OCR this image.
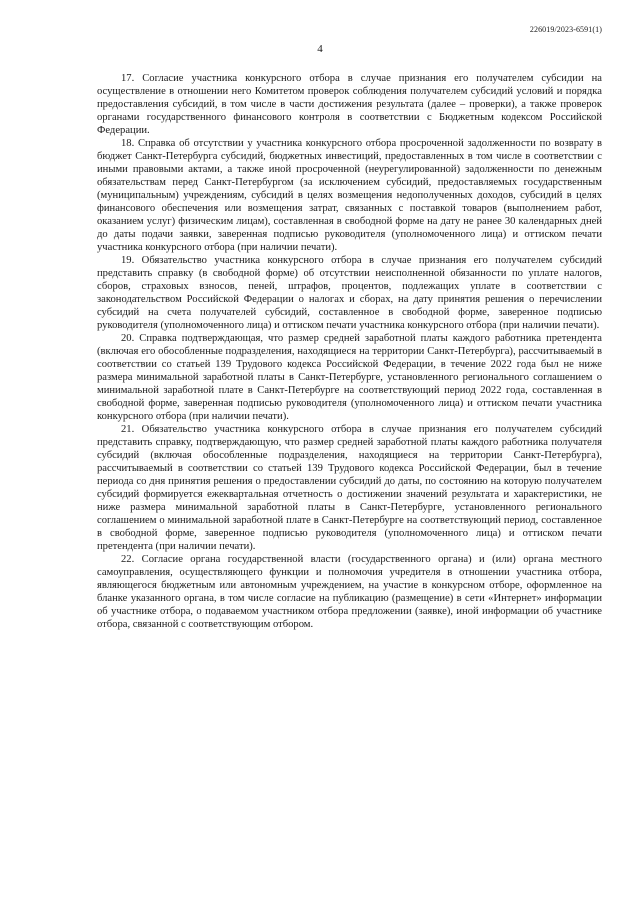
226019/2023-6591(1)
4

17. Согласие участника конкурсного отбора в случае признания его получателем субсидии на осуществление в отношении него Комитетом проверок соблюдения получателем субсидий условий и порядка предоставления субсидий, в том числе в части достижения результата (далее – проверки), а также проверок органами государственного финансового контроля в соответствии с Бюджетным кодексом Российской Федерации.

18. Справка об отсутствии у участника конкурсного отбора просроченной задолженности по возврату в бюджет Санкт-Петербурга субсидий, бюджетных инвестиций, предоставленных в том числе в соответствии с иными правовыми актами, а также иной просроченной (неурегулированной) задолженности по денежным обязательствам перед Санкт-Петербургом (за исключением субсидий, предоставляемых государственным (муниципальным) учреждениям, субсидий в целях возмещения недополученных доходов, субсидий в целях финансового обеспечения или возмещения затрат, связанных с поставкой товаров (выполнением работ, оказанием услуг) физическим лицам), составленная в свободной форме на дату не ранее 30 календарных дней до даты подачи заявки, заверенная подписью руководителя (уполномоченного лица) и оттиском печати участника конкурсного отбора (при наличии печати).

19. Обязательство участника конкурсного отбора в случае признания его получателем субсидий представить справку (в свободной форме) об отсутствии неисполненной обязанности по уплате налогов, сборов, страховых взносов, пеней, штрафов, процентов, подлежащих уплате в соответствии с законодательством Российской Федерации о налогах и сборах, на дату принятия решения о перечислении субсидий на счета получателей субсидий, составленное в свободной форме, заверенное подписью руководителя (уполномоченного лица) и оттиском печати участника конкурсного отбора (при наличии печати).

20. Справка подтверждающая, что размер средней заработной платы каждого работника претендента (включая его обособленные подразделения, находящиеся на территории Санкт-Петербурга), рассчитываемый в соответствии со статьей 139 Трудового кодекса Российской Федерации, в течение 2022 года был не ниже размера минимальной заработной платы в Санкт-Петербурге, установленного регионального соглашением о минимальной заработной плате в Санкт-Петербурге на соответствующий период 2022 года, составленная в свободной форме, заверенная подписью руководителя (уполномоченного лица) и оттиском печати участника конкурсного отбора (при наличии печати).

21. Обязательство участника конкурсного отбора в случае признания его получателем субсидий представить справку, подтверждающую, что размер средней заработной платы каждого работника получателя субсидий (включая обособленные подразделения, находящиеся на территории Санкт-Петербурга), рассчитываемый в соответствии со статьей 139 Трудового кодекса Российской Федерации, был в течение периода со дня принятия решения о предоставлении субсидий до даты, по состоянию на которую получателем субсидий формируется ежеквартальная отчетность о достижении значений результата и характеристики, не ниже размера минимальной заработной платы в Санкт-Петербурге, установленного регионального соглашением о минимальной заработной плате в Санкт-Петербурге на соответствующий период, составленное в свободной форме, заверенное подписью руководителя (уполномоченного лица) и оттиском печати претендента (при наличии печати).

22. Согласие органа государственной власти (государственного органа) и (или) органа местного самоуправления, осуществляющего функции и полномочия учредителя в отношении участника отбора, являющегося бюджетным или автономным учреждением, на участие в конкурсном отборе, оформленное на бланке указанного органа, в том числе согласие на публикацию (размещение) в сети «Интернет» информации об участнике отбора, о подаваемом участником отбора предложении (заявке), иной информации об участнике отбора, связанной с соответствующим отбором.
